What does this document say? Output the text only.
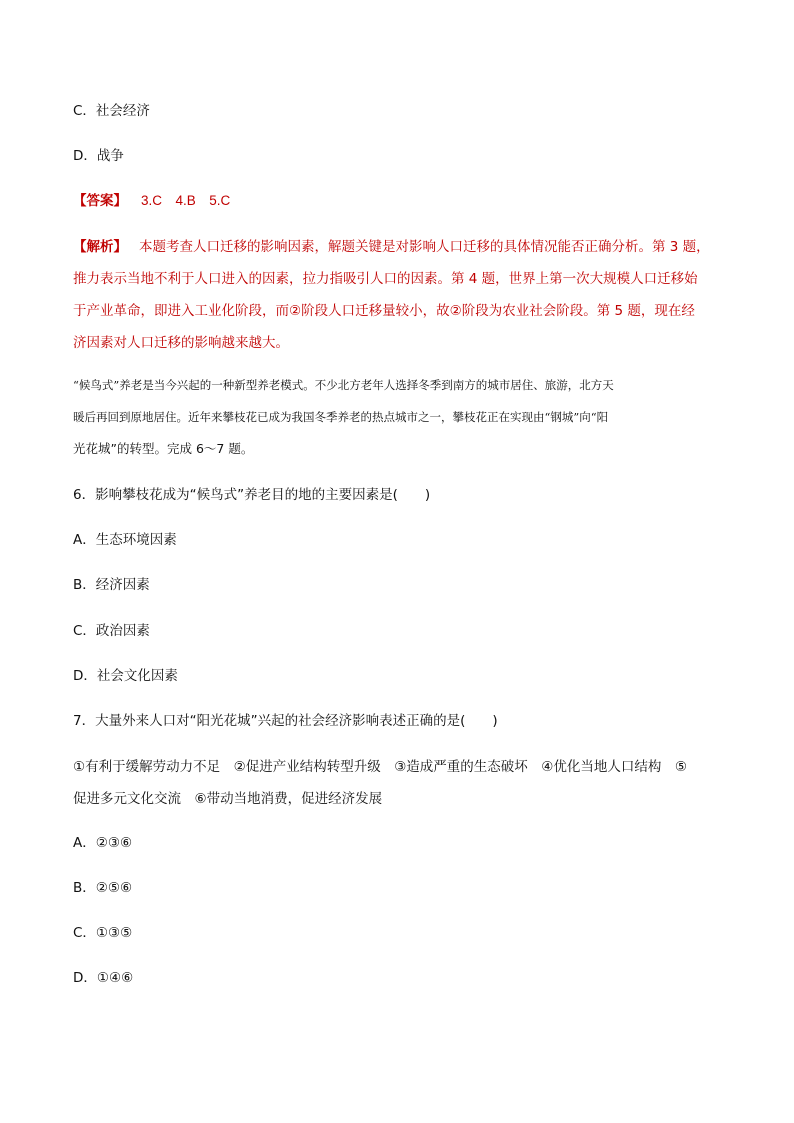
C．社会经济
D．战争
【答案】 3.C　4.B　5.C
【解析】 本题考查人口迁移的影响因素，解题关键是对影响人口迁移的具体情况能否正确分析。第 3 题，
推力表示当地不利于人口进入的因素，拉力指吸引人口的因素。第 4 题，世界上第一次大规模人口迁移始
于产业革命，即进入工业化阶段，而②阶段人口迁移量较小，故②阶段为农业社会阶段。第 5 题，现在经
济因素对人口迁移的影响越来越大。
“候鸟式”养老是当今兴起的一种新型养老模式。不少北方老年人选择冬季到南方的城市居住、旅游，北方天
暖后再回到原地居住。近年来攀枝花已成为我国冬季养老的热点城市之一，攀枝花正在实现由“钢城”向“阳
光花城”的转型。完成 6～7 题。
6．影响攀枝花成为“候鸟式”养老目的地的主要因素是(　　)
A．生态环境因素
B．经济因素
C．政治因素
D．社会文化因素
7．大量外来人口对“阳光花城”兴起的社会经济影响表述正确的是(　　)
①有利于缓解劳动力不足　②促进产业结构转型升级　③造成严重的生态破坏　④优化当地人口结构　⑤
促进多元文化交流　⑥带动当地消费，促进经济发展
A．②③⑥
B．②⑤⑥
C．①③⑤
D．①④⑥
